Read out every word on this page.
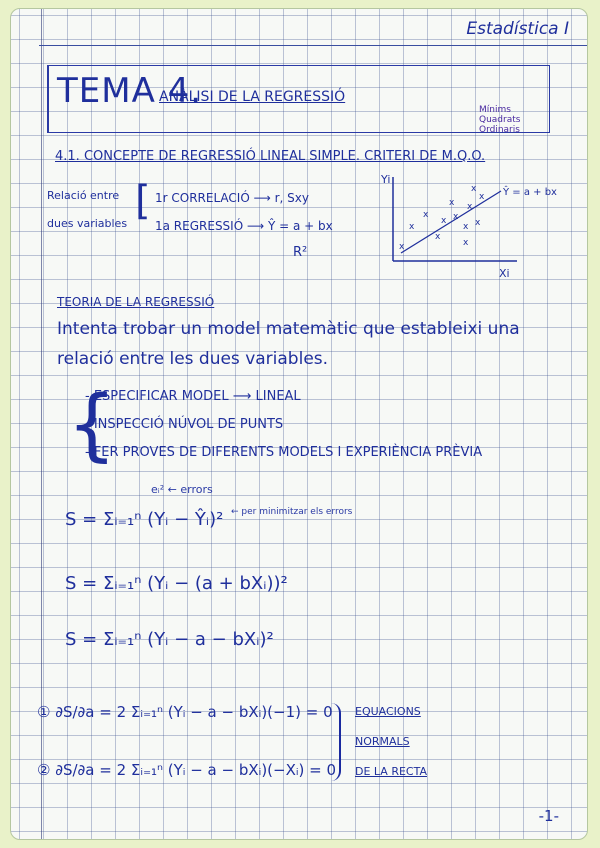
Estadística I
TEMA 4.
ANÀLISI DE LA REGRESSIÓ
Mínims
Quadrats
Ordinaris
4.1. CONCEPTE DE REGRESSIÓ LINEAL SIMPLE. CRITERI DE M.Q.O.
Relació entre
dues variables [ 1r CORRELACIÓ ⟶ r, Sxy
1a REGRESSIÓ ⟶ Ŷ = a + bx
R²
Yi
Xi
x
x
x
x
x
x
x
x
x
x
x
x
x
Ŷ = a + bx
TEORIA DE LA REGRESSIÓ
Intenta trobar un model matemàtic que estableixi una
relació entre les dues variables.
{
- ESPECIFICAR MODEL ⟶ LINEAL
- INSPECCIÓ NÚVOL DE PUNTS
- FER PROVES DE DIFERENTS MODELS I EXPERIÈNCIA PRÈVIA
eᵢ² ← errors
S = Σᵢ₌₁ⁿ (Yᵢ − Ŷᵢ)² ← per minimitzar els errors
S = Σᵢ₌₁ⁿ (Yᵢ − (a + bXᵢ))²
S = Σᵢ₌₁ⁿ (Yᵢ − a − bXᵢ)²
① ∂S/∂a = 2 Σᵢ₌₁ⁿ (Yᵢ − a − bXᵢ)(−1) = 0
② ∂S/∂a = 2 Σᵢ₌₁ⁿ (Yᵢ − a − bXᵢ)(−Xᵢ) = 0
EQUACIONS
NORMALS
DE LA RECTA
-1-
